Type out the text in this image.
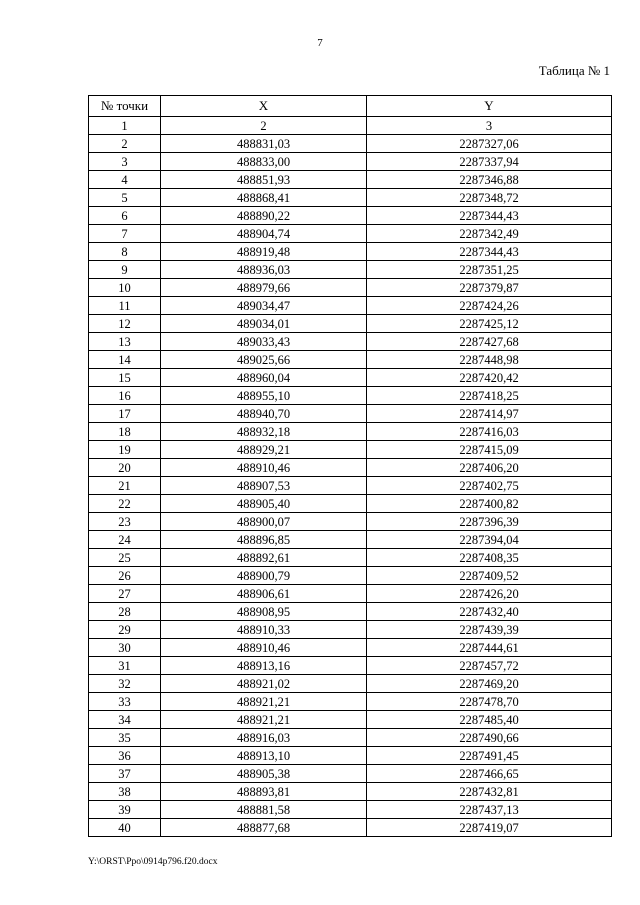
7
Таблица № 1
№ точки	X	Y
1	2	3
2	488831,03	2287327,06
3	488833,00	2287337,94
4	488851,93	2287346,88
5	488868,41	2287348,72
6	488890,22	2287344,43
7	488904,74	2287342,49
8	488919,48	2287344,43
9	488936,03	2287351,25
10	488979,66	2287379,87
11	489034,47	2287424,26
12	489034,01	2287425,12
13	489033,43	2287427,68
14	489025,66	2287448,98
15	488960,04	2287420,42
16	488955,10	2287418,25
17	488940,70	2287414,97
18	488932,18	2287416,03
19	488929,21	2287415,09
20	488910,46	2287406,20
21	488907,53	2287402,75
22	488905,40	2287400,82
23	488900,07	2287396,39
24	488896,85	2287394,04
25	488892,61	2287408,35
26	488900,79	2287409,52
27	488906,61	2287426,20
28	488908,95	2287432,40
29	488910,33	2287439,39
30	488910,46	2287444,61
31	488913,16	2287457,72
32	488921,02	2287469,20
33	488921,21	2287478,70
34	488921,21	2287485,40
35	488916,03	2287490,66
36	488913,10	2287491,45
37	488905,38	2287466,65
38	488893,81	2287432,81
39	488881,58	2287437,13
40	488877,68	2287419,07
Y:\ORST\Ppo\0914p796.f20.docx
